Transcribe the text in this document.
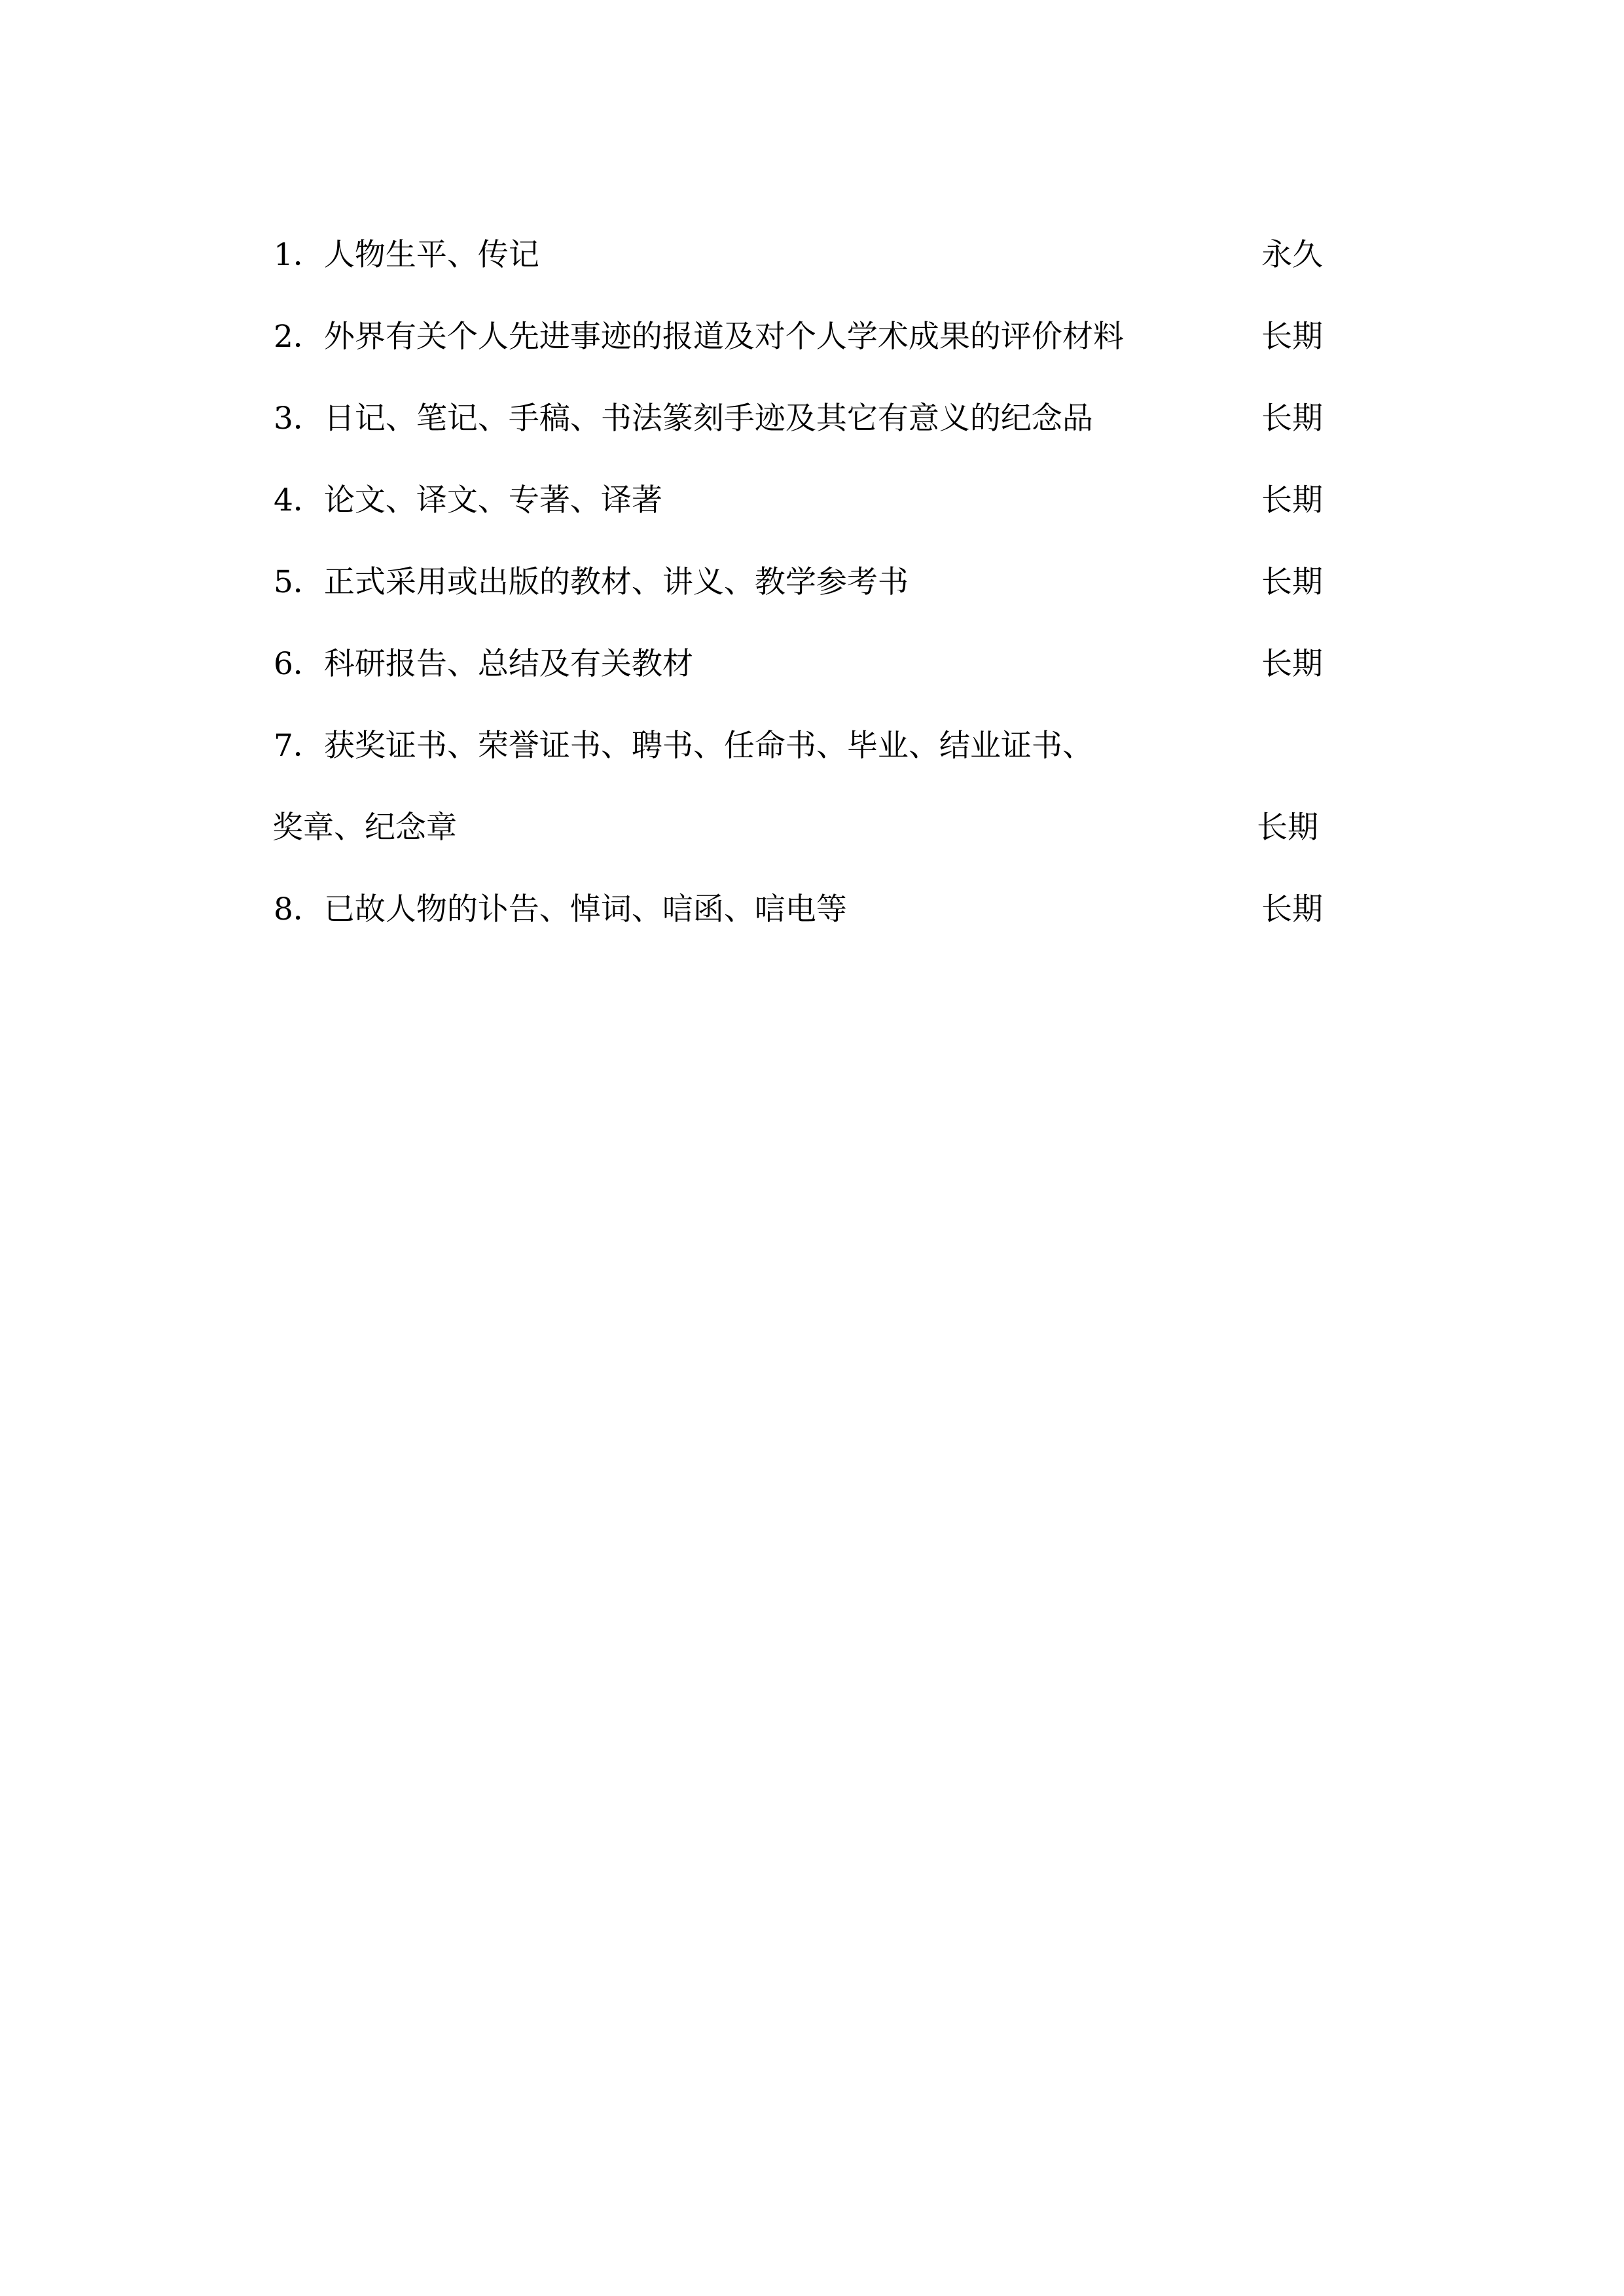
1．人物生平、传记	永久
2．外界有关个人先进事迹的报道及对个人学术成果的评价材料	长期
3．日记、笔记、手稿、书法篆刻手迹及其它有意义的纪念品	长期
4．论文、译文、专著、译著	长期
5．正式采用或出版的教材、讲义、教学参考书	长期
6．科研报告、总结及有关教材	长期
7．获奖证书、荣誉证书、聘书、任命书、毕业、结业证书、
奖章、纪念章	长期
8．已故人物的讣告、悼词、唁函、唁电等	长期
